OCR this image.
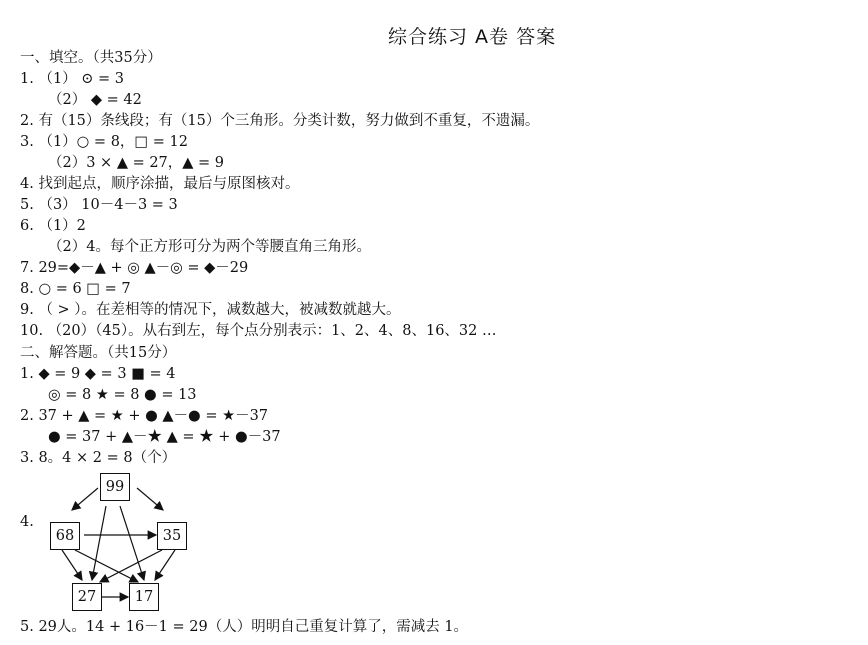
综合练习 A卷 答案
一、填空。（共35分）
1. （1） ⊙ = 3
（2） ◆ = 42
2. 有（15）条线段；有（15）个三角形。分类计数，努力做到不重复，不遗漏。
3. （1）○ = 8，□ = 12
（2）3 × ▲ = 27，▲ = 9
4. 找到起点，顺序涂描，最后与原图核对。
5. （3） 10－4－3 = 3
6. （1）2
（2）4。每个正方形可分为两个等腰直角三角形。
7. 29=◆－▲ + ◎ ▲－◎ = ◆－29
8. ○ = 6 □ = 7
9. （ > ）。在差相等的情况下，减数越大，被减数就越大。
10. （20）（45）。从右到左，每个点分别表示：1、2、4、8、16、32 …
二、解答题。（共15分）
1. ◆ = 9 ◆ = 3 ■ = 4
◎ = 8 ★ = 8 ● = 13
2. 37 + ▲ = ★ + ● ▲－● = ★－37
● = 37 + ▲－★ ▲ = ★ + ●－37
3. 8。4 × 2 = 8（个）
4.
99
68	35
27	17
5. 29人。14 + 16－1 = 29（人）明明自己重复计算了，需减去 1。
